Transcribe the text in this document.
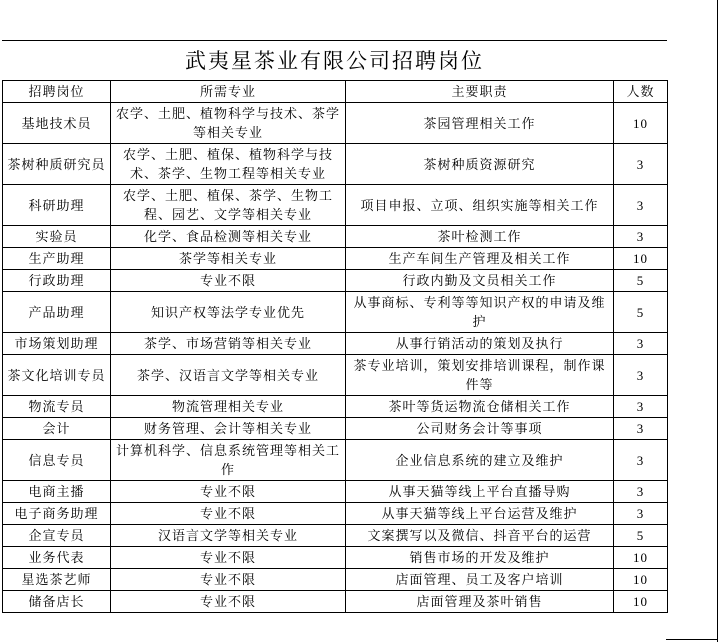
武夷星茶业有限公司招聘岗位
招聘岗位	所需专业	主要职责	人数
基地技术员	农学、土肥、植物科学与技术、茶学等相关专业	茶园管理相关工作	10
茶树种质研究员	农学、土肥、植保、植物科学与技术、茶学、生物工程等相关专业	茶树种质资源研究	3
科研助理	农学、土肥、植保、茶学、生物工程、园艺、文学等相关专业	项目申报、立项、组织实施等相关工作	3
实验员	化学、食品检测等相关专业	茶叶检测工作	3
生产助理	茶学等相关专业	生产车间生产管理及相关工作	10
行政助理	专业不限	行政内勤及文员相关工作	5
产品助理	知识产权等法学专业优先	从事商标、专利等等知识产权的申请及维护	5
市场策划助理	茶学、市场营销等相关专业	从事行销活动的策划及执行	3
茶文化培训专员	茶学、汉语言文学等相关专业	茶专业培训，策划安排培训课程，制作课件等	3
物流专员	物流管理相关专业	茶叶等货运物流仓储相关工作	3
会计	财务管理、会计等相关专业	公司财务会计等事项	3
信息专员	计算机科学、信息系统管理等相关工作	企业信息系统的建立及维护	3
电商主播	专业不限	从事天猫等线上平台直播导购	3
电子商务助理	专业不限	从事天猫等线上平台运营及维护	3
企宣专员	汉语言文学等相关专业	文案撰写以及微信、抖音平台的运营	5
业务代表	专业不限	销售市场的开发及维护	10
星选茶艺师	专业不限	店面管理、员工及客户培训	10
储备店长	专业不限	店面管理及茶叶销售	10
